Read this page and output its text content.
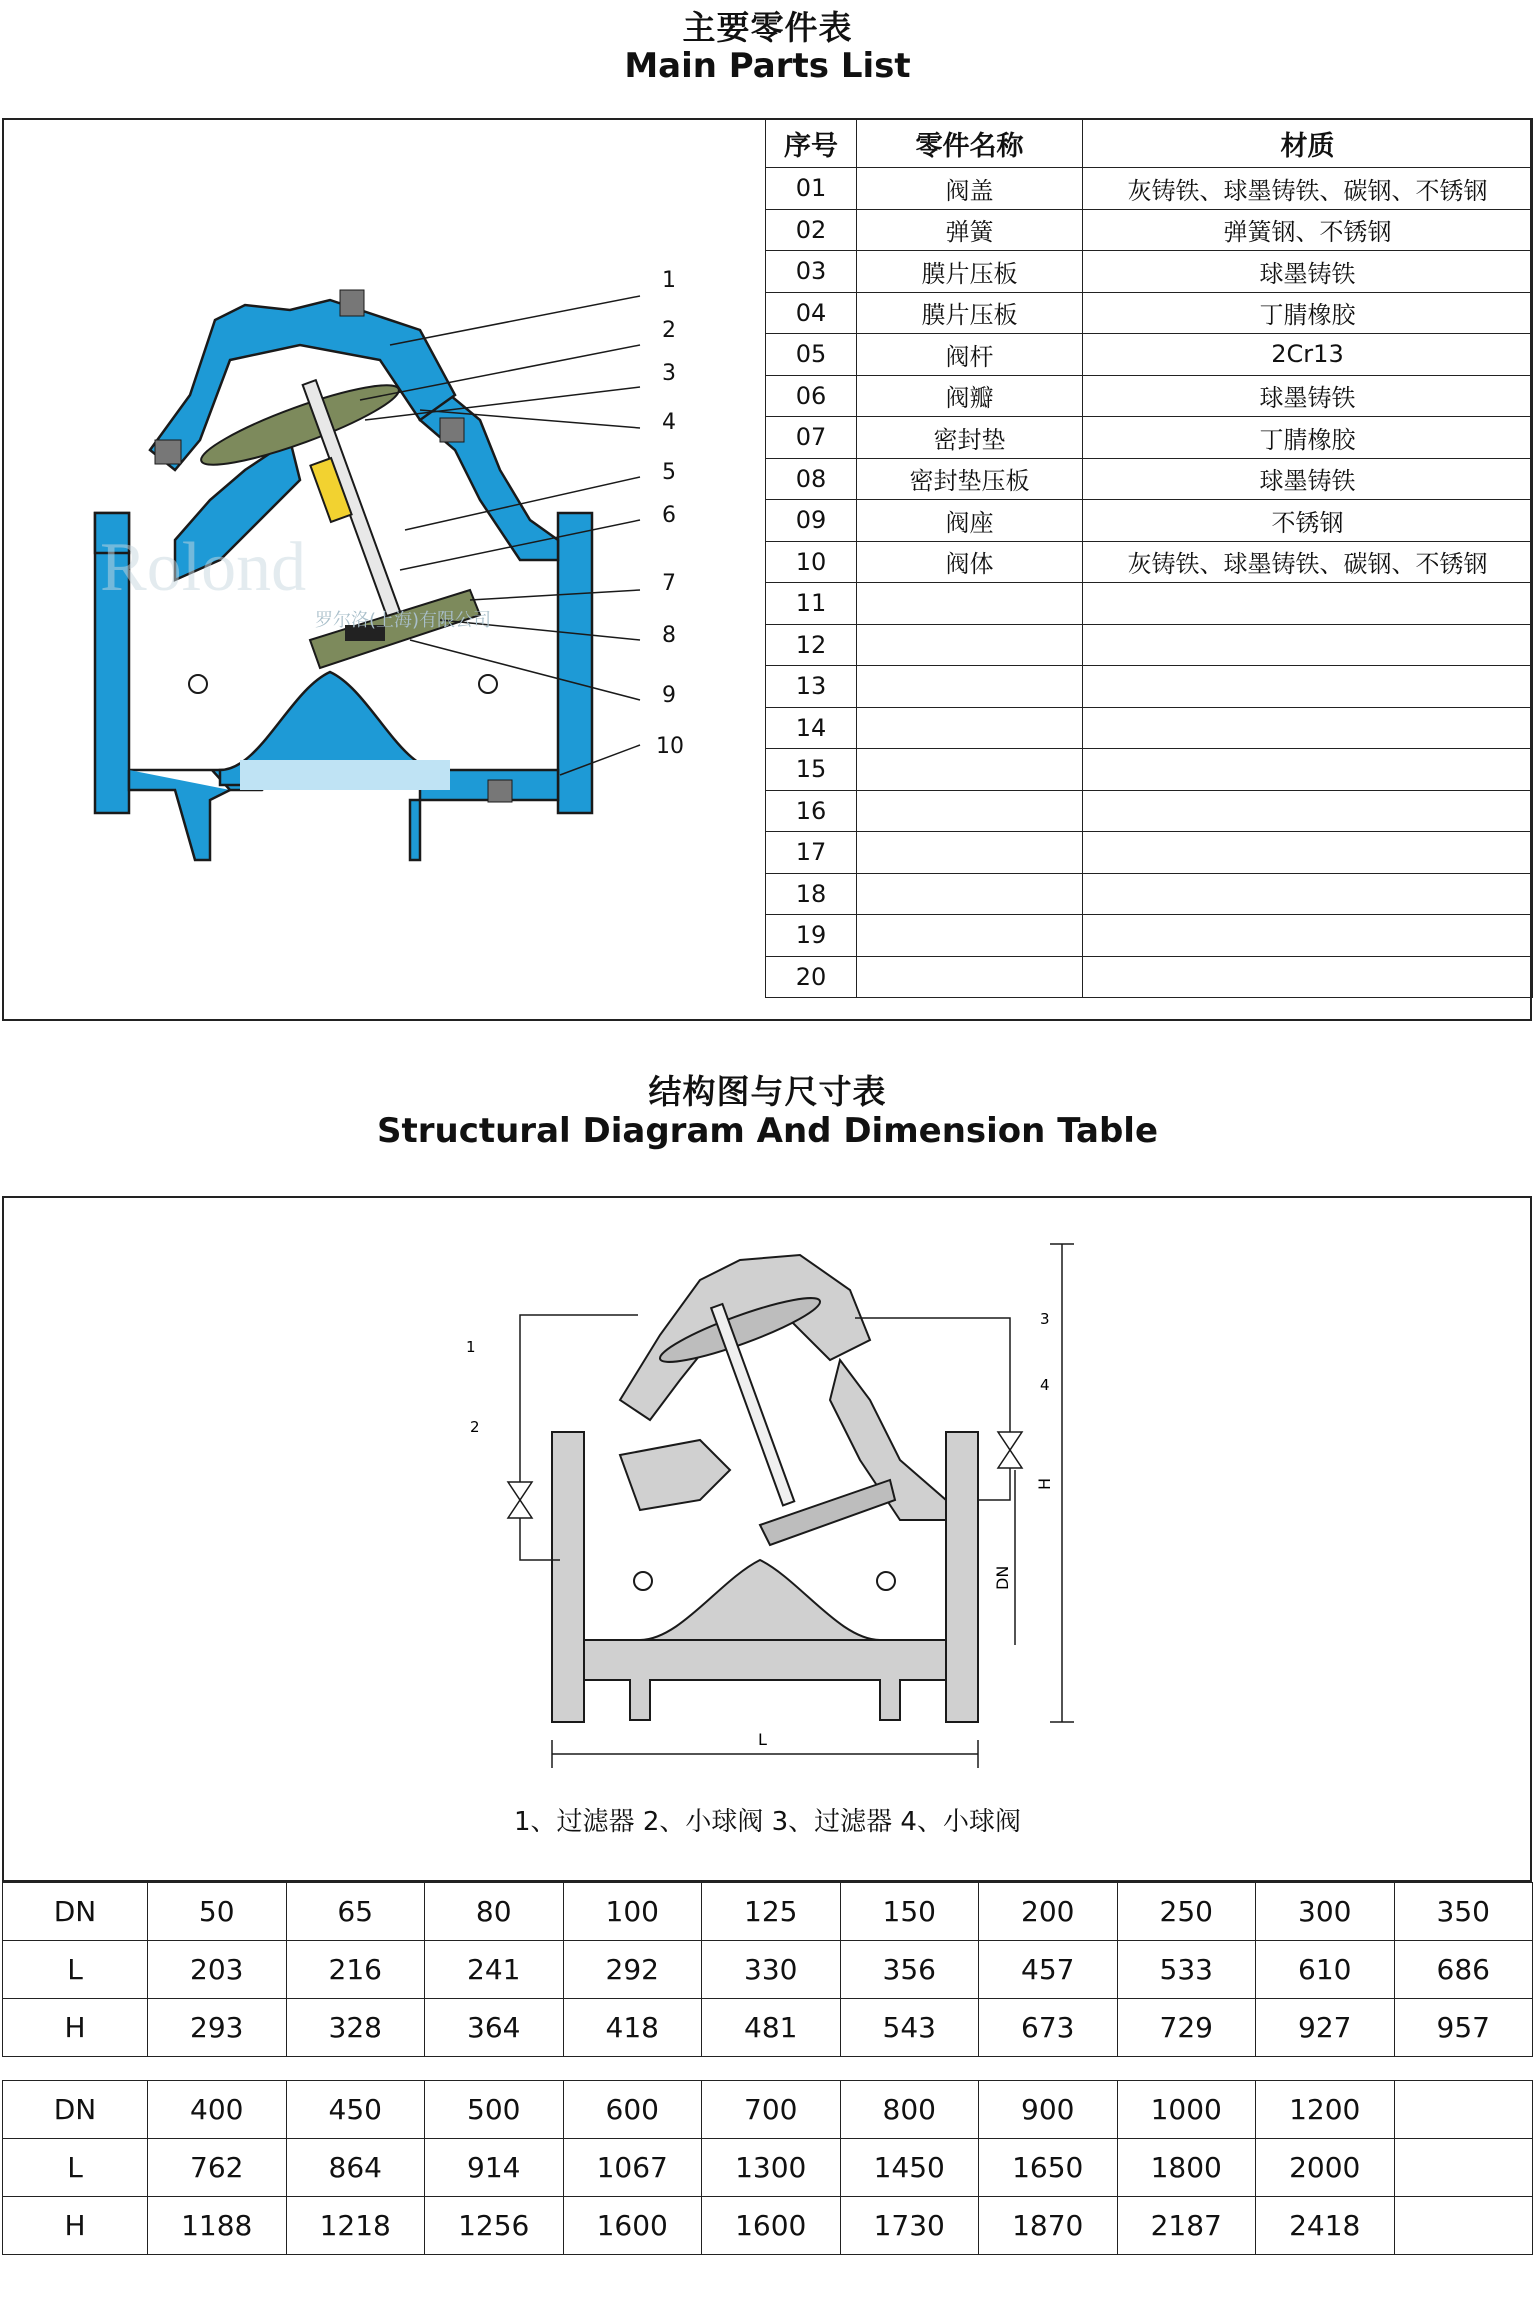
主要零件表
Main Parts List
Rolond
1
2
3
4
5
6
7
8
9
10
罗尔洛(上海)有限公司
序号	零件名称	材质
01	阀盖	灰铸铁、球墨铸铁、碳钢、不锈钢
02	弹簧	弹簧钢、不锈钢
03	膜片压板	球墨铸铁
04	膜片压板	丁腈橡胶
05	阀杆	2Cr13
06	阀瓣	球墨铸铁
07	密封垫	丁腈橡胶
08	密封垫压板	球墨铸铁
09	阀座	不锈钢
10	阀体	灰铸铁、球墨铸铁、碳钢、不锈钢
11		
12		
13		
14		
15		
16		
17		
18		
19		
20		
结构图与尺寸表
Structural Diagram And Dimension Table
H
DN
L
1
2
3
4
1、过滤器 2、小球阀 3、过滤器 4、小球阀
DN	50	65	80	100	125	150	200	250	300	350
L	203	216	241	292	330	356	457	533	610	686
H	293	328	364	418	481	543	673	729	927	957
DN	400	450	500	600	700	800	900	1000	1200	
L	762	864	914	1067	1300	1450	1650	1800	2000	
H	1188	1218	1256	1600	1600	1730	1870	2187	2418	
